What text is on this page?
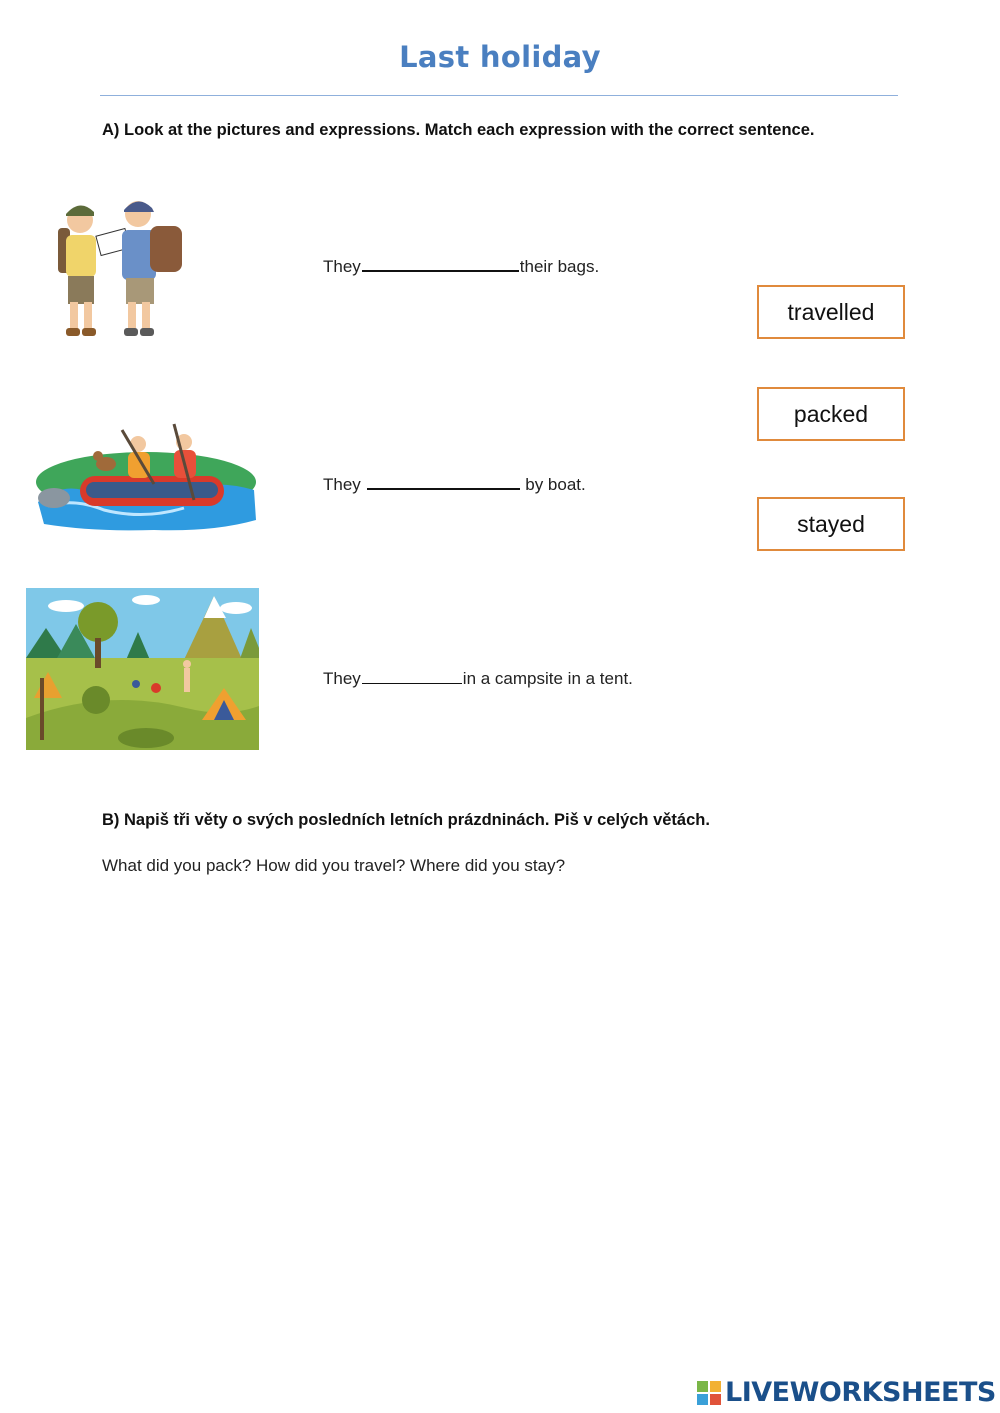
Last holiday
A) Look at the pictures and expressions. Match each expression with the correct sentence.
They	their bags.
travelled
packed
stayed
They	by boat.
They	in a campsite in a tent.
B) Napiš tři věty o svých posledních letních prázdninách. Piš v celých větách.
What did you pack? How did you travel? Where did you stay?
LIVEWORKSHEETS
